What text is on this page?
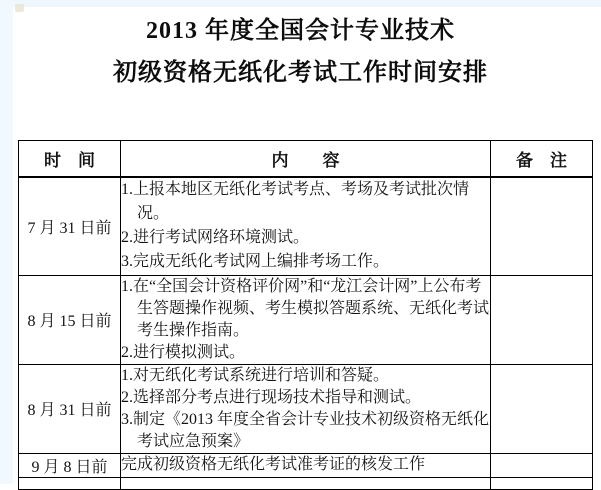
2013 年度全国会计专业技术
初级资格无纸化考试工作时间安排
时　间	内　　容	备　注
7 月 31 日前	1.上报本地区无纸化考试考点、考场及考试批次情况。
2.进行考试网络环境测试。
3.完成无纸化考试网上编排考场工作。	

8 月 15 日前	1.在“全国会计资格评价网”和“龙江会计网”上公布考生答题操作视频、考生模拟答题系统、无纸化考试考生操作指南。
2.进行模拟测试。	

8 月 31 日前	1.对无纸化考试系统进行培训和答疑。
2.选择部分考点进行现场技术指导和测试。
3.制定《2013 年度全省会计专业技术初级资格无纸化考试应急预案》	

9 月 8 日前	完成初级资格无纸化考试准考证的核发工作	
